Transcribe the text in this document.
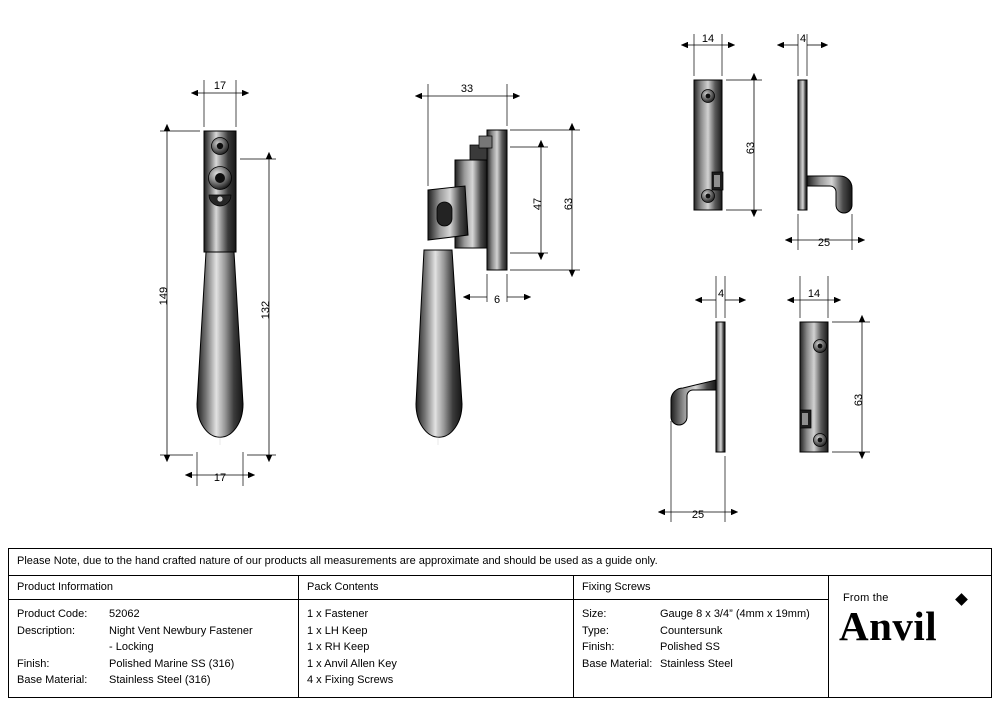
17
17
149
132
33
47 63
6
14	4
63
25
4	14
63
25
Please Note, due to the hand crafted nature of our products all measurements are approximate and should be used as a guide only.
Product Information
Product Code:	52062
Description:	Night Vent Newbury Fastener
- Locking
Finish:	Polished Marine SS (316)
Base Material:	Stainless Steel (316)
Pack Contents
1 x Fastener
1 x LH Keep
1 x RH Keep
1 x Anvil Allen Key
4 x Fixing Screws
Fixing Screws
Size:	Gauge 8 x 3/4” (4mm x 19mm)
Type:	Countersunk
Finish:	Polished SS
Base Material: Stainless Steel
From the
Anvil
